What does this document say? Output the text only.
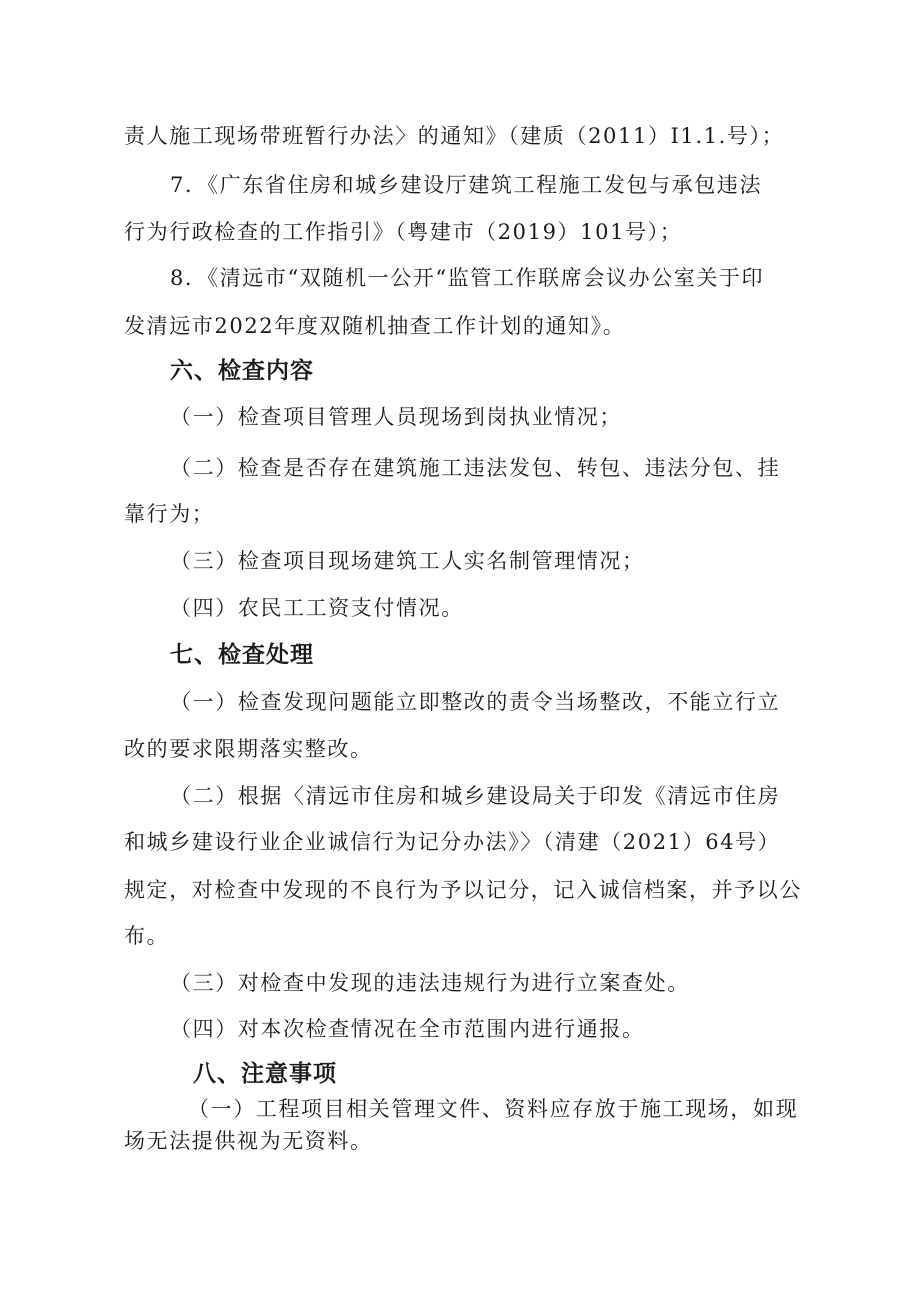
责人施工现场带班暂行办法〉的通知》（建质（2011）I1.1.号）；
7．《广东省住房和城乡建设厅建筑工程施工发包与承包违法
行为行政检查的工作指引》（粤建市（2019）101号）；
8．《清远市“双随机一公开“监管工作联席会议办公室关于印
发清远市2022年度双随机抽查工作计划的通知》。
六、检查内容
（一）检查项目管理人员现场到岗执业情况；
（二）检查是否存在建筑施工违法发包、转包、违法分包、挂
靠行为；
（三）检查项目现场建筑工人实名制管理情况；
（四）农民工工资支付情况。
七、检查处理
（一）检查发现问题能立即整改的责令当场整改，不能立行立
改的要求限期落实整改。
（二）根据〈清远市住房和城乡建设局关于印发《清远市住房
和城乡建设行业企业诚信行为记分办法》〉（清建（2021）64号）
规定，对检查中发现的不良行为予以记分，记入诚信档案，并予以公
布。
（三）对检查中发现的违法违规行为进行立案查处。
（四）对本次检查情况在全市范围内进行通报。
八、注意事项
（一）工程项目相关管理文件、资料应存放于施工现场，如现
场无法提供视为无资料。
